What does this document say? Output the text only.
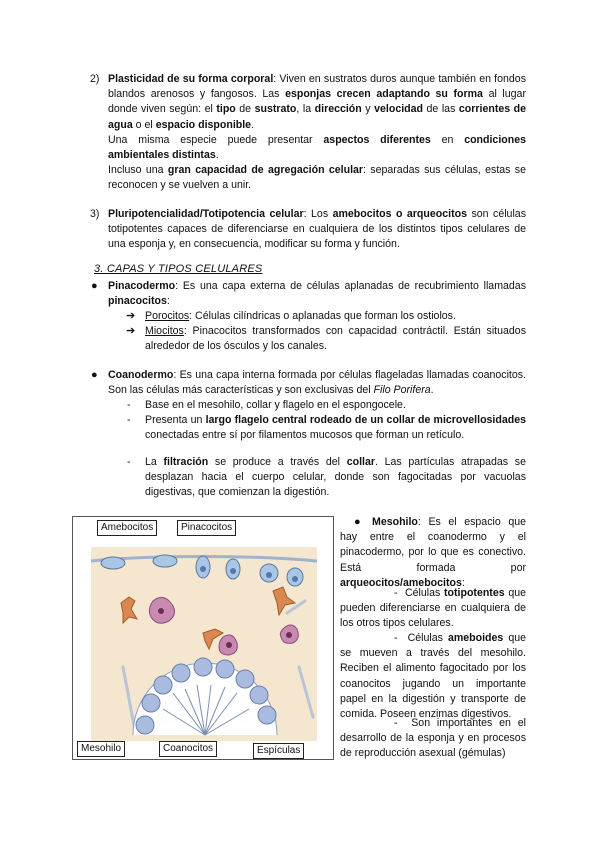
2) Plasticidad de su forma corporal: Viven en sustratos duros aunque también en fondos blandos arenosos y fangosos. Las esponjas crecen adaptando su forma al lugar donde viven según: el tipo de sustrato, la dirección y velocidad de las corrientes de agua o el espacio disponible.
Una misma especie puede presentar aspectos diferentes en condiciones ambientales distintas.
Incluso una gran capacidad de agregación celular: separadas sus células, estas se reconocen y se vuelven a unir.
3) Pluripotencialidad/Totipotencia celular: Los amebocitos o arqueocitos son células totipotentes capaces de diferenciarse en cualquiera de los distintos tipos celulares de una esponja y, en consecuencia, modificar su forma y función.
3. CAPAS Y TIPOS CELULARES
● Pinacodermo: Es una capa externa de células aplanadas de recubrimiento llamadas pinacocitos:
➔ Porocitos: Células cilíndricas o aplanadas que forman los ostiolos.
➔ Miocitos: Pinacocitos transformados con capacidad contráctil. Están situados alrededor de los ósculos y los canales.
● Coanodermo: Es una capa interna formada por células flageladas llamadas coanocitos. Son las células más características y son exclusivas del Filo Porifera.
- Base en el mesohilo, collar y flagelo en el espongocele.
- Presenta un largo flagelo central rodeado de un collar de microvellosidades conectadas entre sí por filamentos mucosos que forman un retículo.
- La filtración se produce a través del collar. Las partículas atrapadas se desplazan hacia el cuerpo celular, donde son fagocitadas por vacuolas digestivas, que comienzan la digestión.
Amebocitos	Pinacocitos
Mesohilo	Coanocitos	Espículas
●	Mesohilo: Es el espacio que hay entre el coanodermo y el pinacodermo, por lo que es conectivo. Está formada por arqueocitos/amebocitos:
- Células totipotentes que pueden diferenciarse en cualquiera de los otros tipos celulares.
- Células ameboides que se mueven a través del mesohilo. Reciben el alimento fagocitado por los coanocitos jugando un importante papel en la digestión y transporte de comida. Poseen enzimas digestivos.
- Son importantes en el desarrollo de la esponja y en procesos de reproducción asexual (gémulas)
